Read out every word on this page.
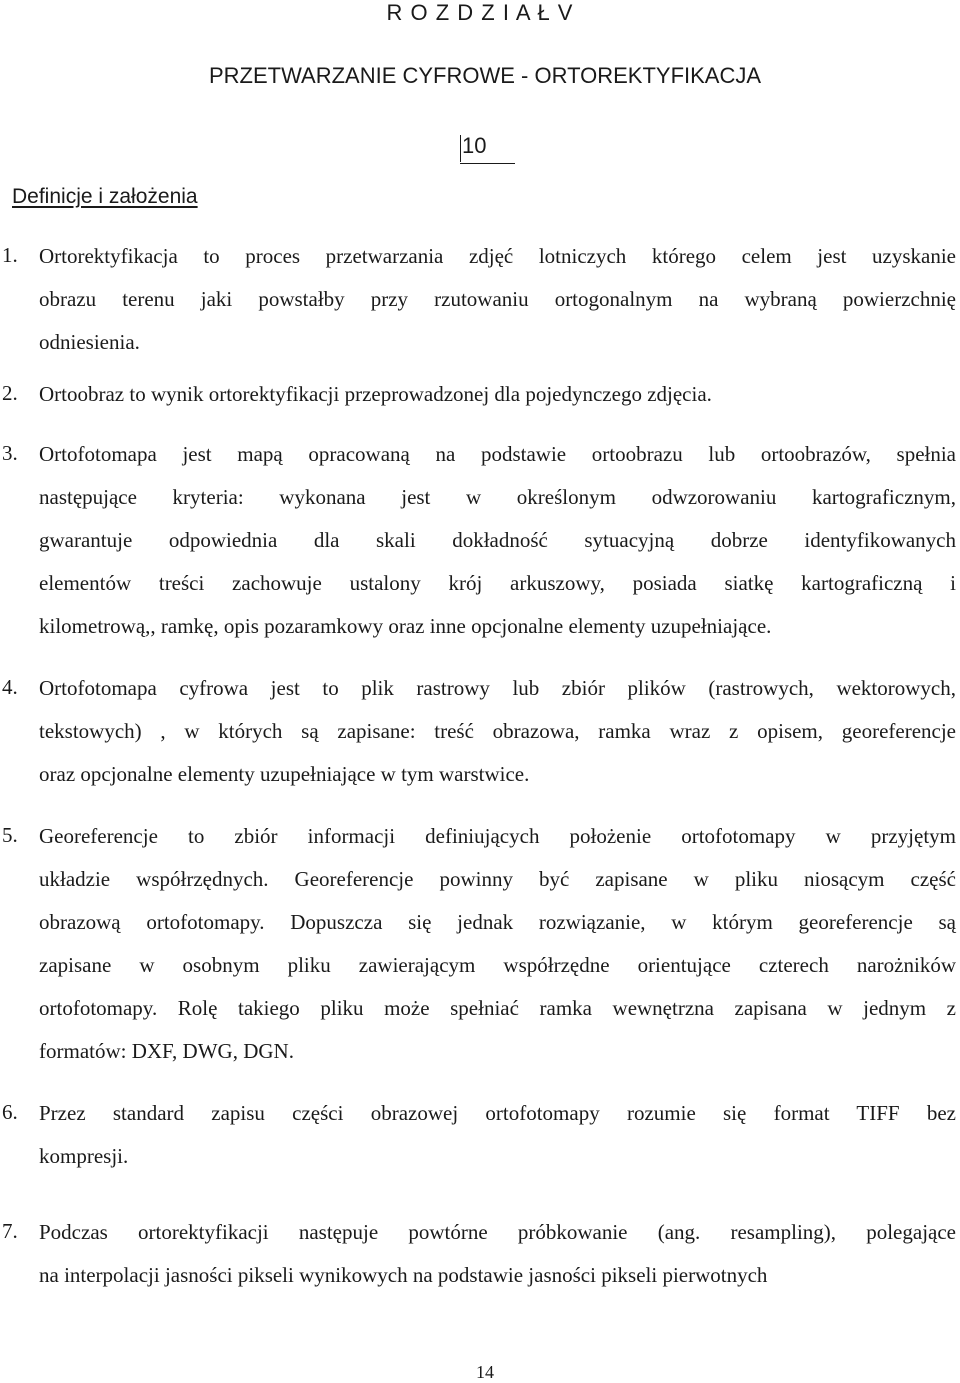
R O Z D Z I A Ł V
PRZETWARZANIE CYFROWE - ORTOREKTYFIKACJA
10
Definicje i założenia
1. Ortorektyfikacja to proces przetwarzania zdjęć lotniczych którego celem jest uzyskanie
obrazu terenu jaki powstałby przy rzutowaniu ortogonalnym na wybraną powierzchnię
odniesienia.
2. Ortoobraz to wynik ortorektyfikacji przeprowadzonej dla pojedynczego zdjęcia.
3. Ortofotomapa jest mapą opracowaną na podstawie ortoobrazu lub ortoobrazów, spełnia
następujące kryteria: wykonana jest w określonym odwzorowaniu kartograficznym,
gwarantuje odpowiednia dla skali dokładność sytuacyjną dobrze identyfikowanych
elementów treści zachowuje ustalony krój arkuszowy, posiada siatkę kartograficzną i
kilometrową,, ramkę, opis pozaramkowy oraz inne opcjonalne elementy uzupełniające.
4. Ortofotomapa cyfrowa jest to plik rastrowy lub zbiór plików (rastrowych, wektorowych,
tekstowych) , w których są zapisane: treść obrazowa, ramka wraz z opisem, georeferencje
oraz opcjonalne elementy uzupełniające w tym warstwice.
5. Georeferencje to zbiór informacji definiujących położenie ortofotomapy w przyjętym
układzie współrzędnych. Georeferencje powinny być zapisane w pliku niosącym część
obrazową ortofotomapy. Dopuszcza się jednak rozwiązanie, w którym georeferencje są
zapisane w osobnym pliku zawierającym współrzędne orientujące czterech narożników
ortofotomapy. Rolę takiego pliku może spełniać ramka wewnętrzna zapisana w jednym z
formatów: DXF, DWG, DGN.
6. Przez standard zapisu części obrazowej ortofotomapy rozumie się format TIFF bez
kompresji.
7. Podczas ortorektyfikacji następuje powtórne próbkowanie (ang. resampling), polegające
na interpolacji jasności pikseli wynikowych na podstawie jasności pikseli pierwotnych
14
